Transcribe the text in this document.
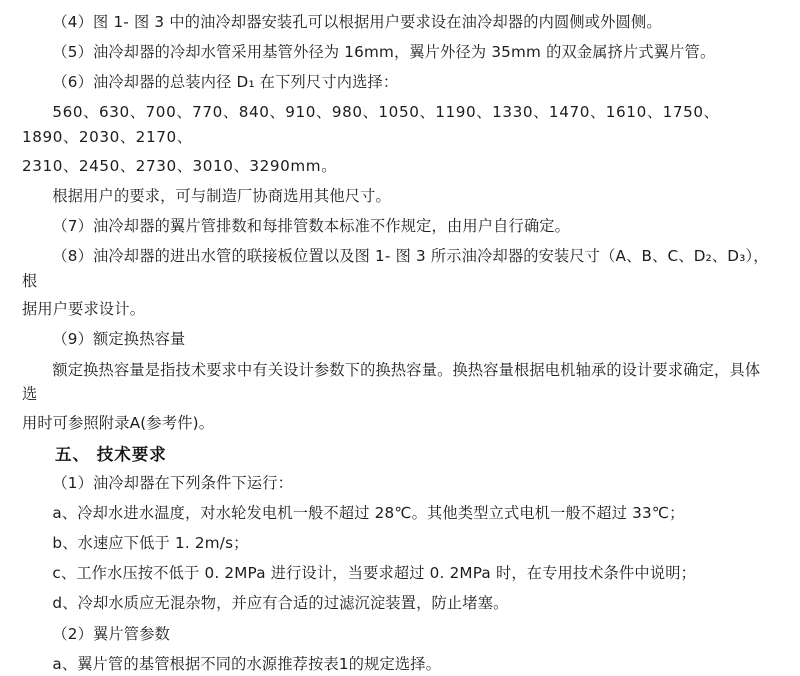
（4）图 1- 图 3 中的油冷却器安装孔可以根据用户要求设在油冷却器的内圆侧或外圆侧。

（5）油冷却器的冷却水管采用基管外径为 16mm，翼片外径为 35mm 的双金属挤片式翼片管。

（6）油冷却器的总装内径 D₁ 在下列尺寸内选择：

560、630、700、770、840、910、980、1050、1190、1330、1470、1610、1750、1890、2030、2170、

2310、2450、2730、3010、3290mm。

根据用户的要求，可与制造厂协商选用其他尺寸。

（7）油冷却器的翼片管排数和每排管数本标准不作规定，由用户自行确定。

（8）油冷却器的进出水管的联接板位置以及图 1- 图 3 所示油冷却器的安装尺寸（A、B、C、D₂、D₃），根

据用户要求设计。

（9）额定换热容量

额定换热容量是指技术要求中有关设计参数下的换热容量。换热容量根据电机轴承的设计要求确定，具体选

用时可参照附录A(参考件)。

五、 技术要求

（1）油冷却器在下列条件下运行：

a、冷却水进水温度，对水轮发电机一般不超过 28℃。其他类型立式电机一般不超过 33℃；

b、水速应下低于 1. 2m/s；

c、工作水压按不低于 0. 2MPa 进行设计，当要求超过 0. 2MPa 时，在专用技术条件中说明；

d、冷却水质应无混杂物，并应有合适的过滤沉淀装置，防止堵塞。

（2）翼片管参数

a、翼片管的基管根据不同的水源推荐按表1的规定选择。
